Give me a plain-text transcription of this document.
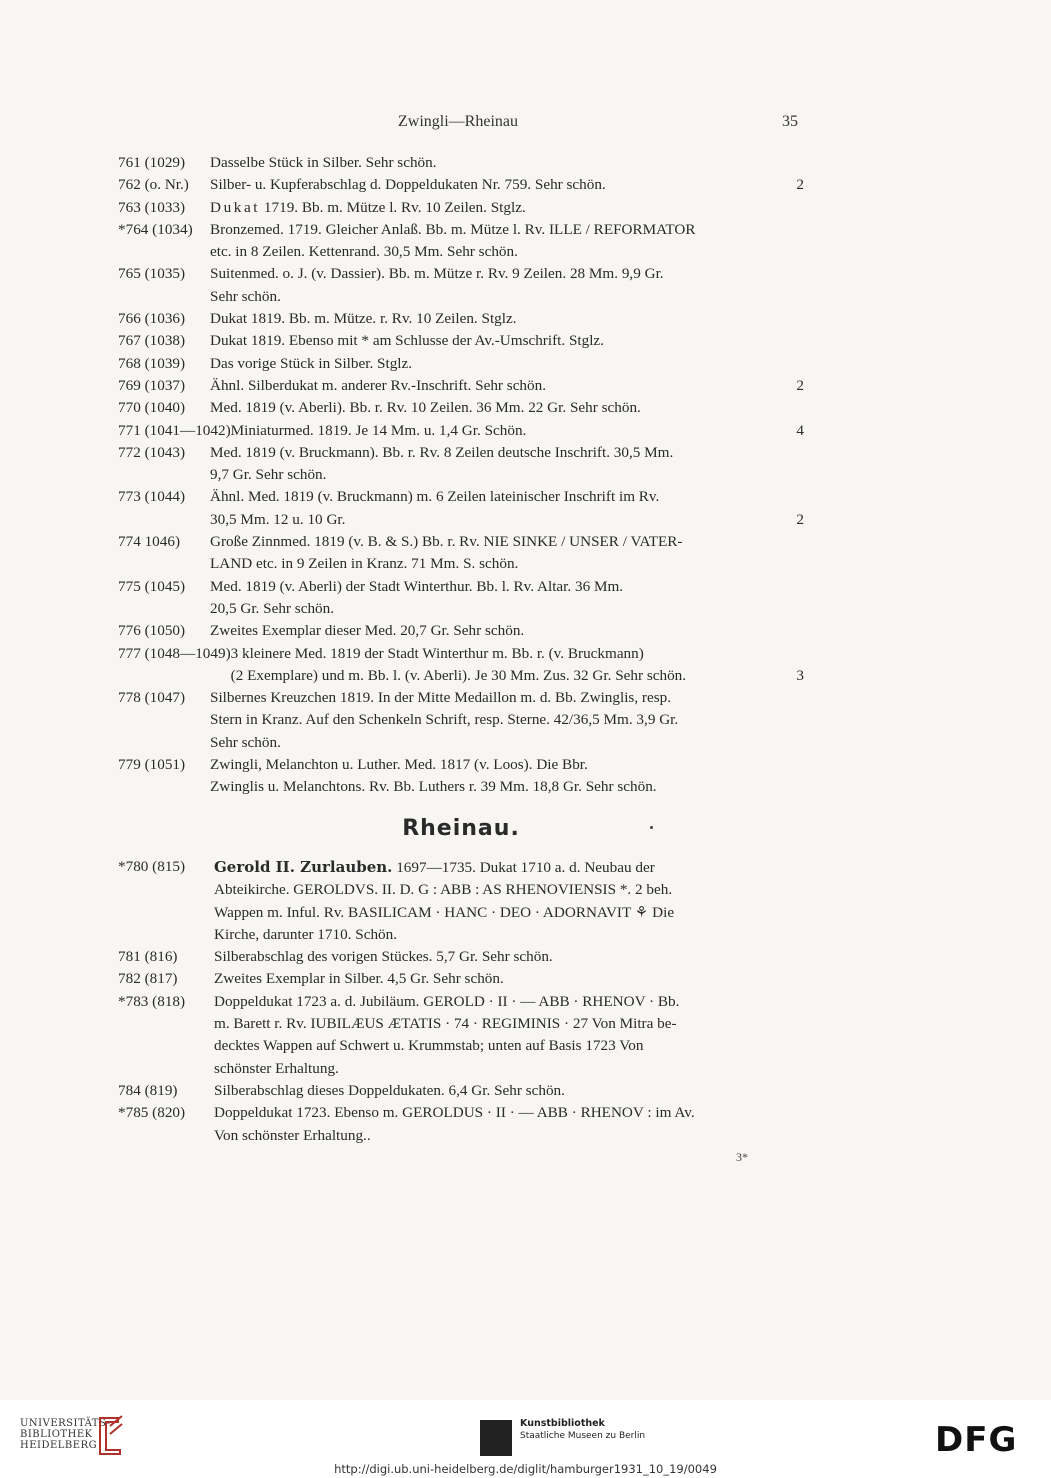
Zwingli—Rheinau	35
761 (1029)	Dasselbe Stück in Silber. Sehr schön.
762 (o. Nr.)	Silber- u. Kupferabschlag d. Doppeldukaten Nr. 759. Sehr schön.	2
763 (1033)	Dukat 1719. Bb. m. Mütze l. Rv. 10 Zeilen. Stglz.
*764 (1034)	Bronzemed. 1719. Gleicher Anlaß. Bb. m. Mütze l. Rv. ILLE / REFORMATOR
etc. in 8 Zeilen. Kettenrand. 30,5 Mm. Sehr schön.
765 (1035)	Suitenmed. o. J. (v. Dassier). Bb. m. Mütze r. Rv. 9 Zeilen. 28 Mm. 9,9 Gr.
Sehr schön.
766 (1036)	Dukat 1819. Bb. m. Mütze. r. Rv. 10 Zeilen. Stglz.
767 (1038)	Dukat 1819. Ebenso mit * am Schlusse der Av.-Umschrift. Stglz.
768 (1039)	Das vorige Stück in Silber. Stglz.
769 (1037)	Ähnl. Silberdukat m. anderer Rv.-Inschrift. Sehr schön.	2
770 (1040)	Med. 1819 (v. Aberli). Bb. r. Rv. 10 Zeilen. 36 Mm. 22 Gr. Sehr schön.
771 (1041—1042) Miniaturmed. 1819. Je 14 Mm. u. 1,4 Gr. Schön.	4
772 (1043)	Med. 1819 (v. Bruckmann). Bb. r. Rv. 8 Zeilen deutsche Inschrift. 30,5 Mm.
9,7 Gr. Sehr schön.
773 (1044)	Ähnl. Med. 1819 (v. Bruckmann) m. 6 Zeilen lateinischer Inschrift im Rv.
30,5 Mm. 12 u. 10 Gr.	2
774 1046)	Große Zinnmed. 1819 (v. B. & S.) Bb. r. Rv. NIE SINKE / UNSER / VATER-
LAND etc. in 9 Zeilen in Kranz. 71 Mm. S. schön.
775 (1045)	Med. 1819 (v. Aberli) der Stadt Winterthur. Bb. l. Rv. Altar. 36 Mm.
20,5 Gr. Sehr schön.
776 (1050)	Zweites Exemplar dieser Med. 20,7 Gr. Sehr schön.
777 (1048—1049) 3 kleinere Med. 1819 der Stadt Winterthur m. Bb. r. (v. Bruckmann)
(2 Exemplare) und m. Bb. l. (v. Aberli). Je 30 Mm. Zus. 32 Gr. Sehr schön.	3
778 (1047)	Silbernes Kreuzchen 1819. In der Mitte Medaillon m. d. Bb. Zwinglis, resp.
Stern in Kranz. Auf den Schenkeln Schrift, resp. Sterne. 42/36,5 Mm. 3,9 Gr.
Sehr schön.
779 (1051)	Zwingli, Melanchton u. Luther. Med. 1817 (v. Loos). Die Bbr.
Zwinglis u. Melanchtons. Rv. Bb. Luthers r. 39 Mm. 18,8 Gr. Sehr schön.
Rheinau.
*780 (815)	Gerold II. Zurlauben. 1697—1735. Dukat 1710 a. d. Neubau der
Abteikirche. GEROLDVS. II. D. G : ABB : AS RHENOVIENSIS *. 2 beh.
Wappen m. Inful. Rv. BASILICAM · HANC · DEO · ADORNAVIT ⚘ Die
Kirche, darunter 1710. Schön.
781 (816)	Silberabschlag des vorigen Stückes. 5,7 Gr. Sehr schön.
782 (817)	Zweites Exemplar in Silber. 4,5 Gr. Sehr schön.
*783 (818)	Doppeldukat 1723 a. d. Jubiläum. GEROLD · II · — ABB · RHENOV · Bb.
m. Barett r. Rv. IUBILÆUS ÆTATIS · 74 · REGIMINIS · 27 Von Mitra be-
decktes Wappen auf Schwert u. Krummstab; unten auf Basis 1723 Von
schönster Erhaltung.
784 (819)	Silberabschlag dieses Doppeldukaten. 6,4 Gr. Sehr schön.
*785 (820)	Doppeldukat 1723. Ebenso m. GEROLDUS · II · — ABB · RHENOV : im Av.
Von schönster Erhaltung..
3*
UNIVERSITÄTS-
BIBLIOTHEK
HEIDELBERG
Kunstbibliothek
Staatliche Museen zu Berlin	DFG
http://digi.ub.uni-heidelberg.de/diglit/hamburger1931_10_19/0049
